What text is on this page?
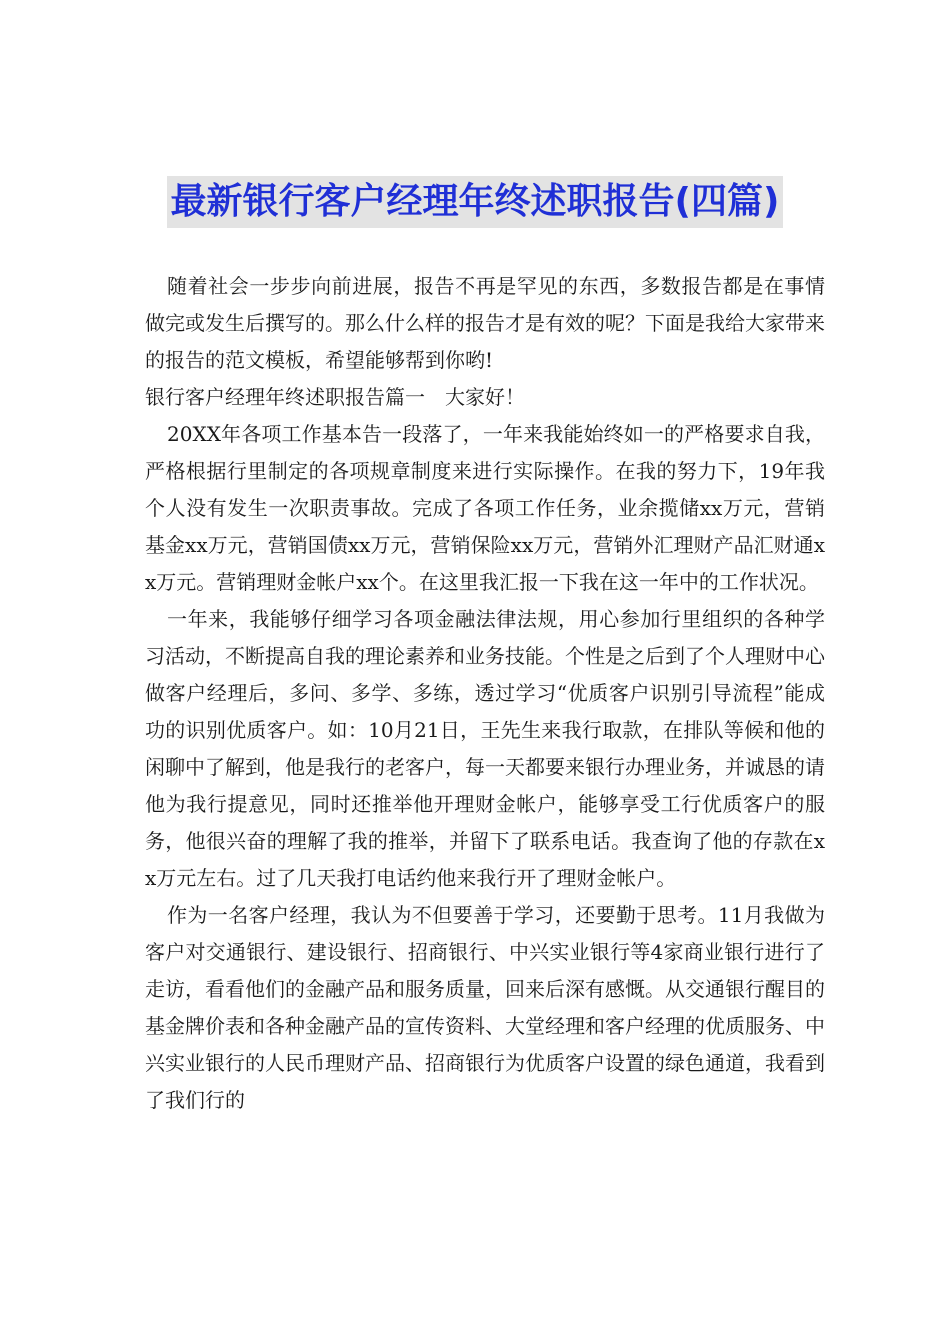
最新银行客户经理年终述职报告(四篇)

随着社会一步步向前进展，报告不再是罕见的东西，多数报告都是在事情做完或发生后撰写的。那么什么样的报告才是有效的呢？下面是我给大家带来的报告的范文模板，希望能够帮到你哟!

银行客户经理年终述职报告篇一　大家好！

20XX年各项工作基本告一段落了，一年来我能始终如一的严格要求自我，严格根据行里制定的各项规章制度来进行实际操作。在我的努力下，19年我个人没有发生一次职责事故。完成了各项工作任务，业余揽储xx万元，营销基金xx万元，营销国债xx万元，营销保险xx万元，营销外汇理财产品汇财通xx万元。营销理财金帐户xx个。在这里我汇报一下我在这一年中的工作状况。

一年来，我能够仔细学习各项金融法律法规，用心参加行里组织的各种学习活动，不断提高自我的理论素养和业务技能。个性是之后到了个人理财中心做客户经理后，多问、多学、多练，透过学习“优质客户识别引导流程”能成功的识别优质客户。如：10月21日，王先生来我行取款，在排队等候和他的闲聊中了解到，他是我行的老客户，每一天都要来银行办理业务，并诚恳的请他为我行提意见，同时还推举他开理财金帐户，能够享受工行优质客户的服务，他很兴奋的理解了我的推举，并留下了联系电话。我查询了他的存款在xx万元左右。过了几天我打电话约他来我行开了理财金帐户。

作为一名客户经理，我认为不但要善于学习，还要勤于思考。11月我做为客户对交通银行、建设银行、招商银行、中兴实业银行等4家商业银行进行了走访，看看他们的金融产品和服务质量，回来后深有感慨。从交通银行醒目的基金牌价表和各种金融产品的宣传资料、大堂经理和客户经理的优质服务、中兴实业银行的人民币理财产品、招商银行为优质客户设置的绿色通道，我看到了我们行的
